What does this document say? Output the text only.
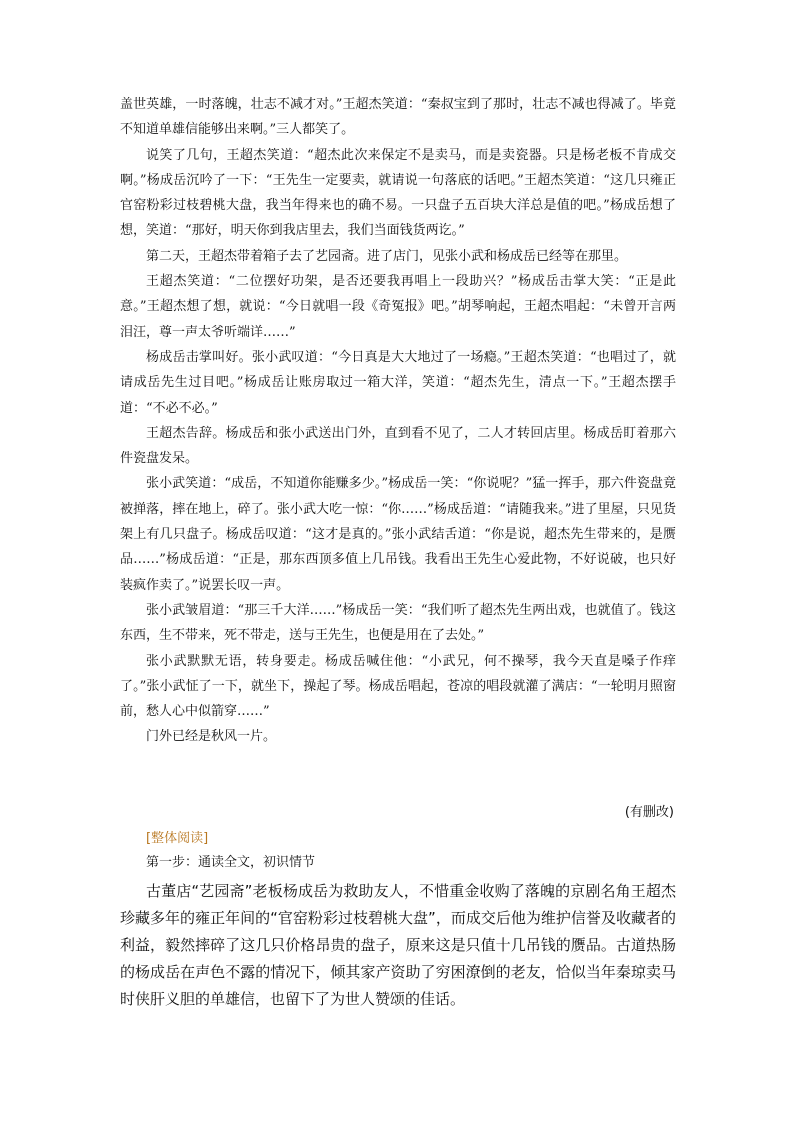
盖世英雄，一时落魄，壮志不减才对。”王超杰笑道：“秦叔宝到了那时，壮志不减也得减了。毕竟不知道单雄信能够出来啊。”三人都笑了。

说笑了几句，王超杰笑道：“超杰此次来保定不是卖马，而是卖瓷器。只是杨老板不肯成交啊。”杨成岳沉吟了一下：“王先生一定要卖，就请说一句落底的话吧。”王超杰笑道：“这几只雍正官窑粉彩过枝碧桃大盘，我当年得来也的确不易。一只盘子五百块大洋总是值的吧。”杨成岳想了想，笑道：“那好，明天你到我店里去，我们当面钱货两讫。”

第二天，王超杰带着箱子去了艺园斋。进了店门，见张小武和杨成岳已经等在那里。

王超杰笑道：“二位摆好功架，是否还要我再唱上一段助兴？”杨成岳击掌大笑：“正是此意。”王超杰想了想，就说：“今日就唱一段《奇冤报》吧。”胡琴响起，王超杰唱起：“未曾开言两泪汪，尊一声太爷听端详……”

杨成岳击掌叫好。张小武叹道：“今日真是大大地过了一场瘾。”王超杰笑道：“也唱过了，就请成岳先生过目吧。”杨成岳让账房取过一箱大洋，笑道：“超杰先生，清点一下。”王超杰摆手道：“不必不必。”

王超杰告辞。杨成岳和张小武送出门外，直到看不见了，二人才转回店里。杨成岳盯着那六件瓷盘发呆。

张小武笑道：“成岳，不知道你能赚多少。”杨成岳一笑：“你说呢？”猛一挥手，那六件瓷盘竟被掸落，摔在地上，碎了。张小武大吃一惊：“你……”杨成岳道：“请随我来。”进了里屋，只见货架上有几只盘子。杨成岳叹道：“这才是真的。”张小武结舌道：“你是说，超杰先生带来的，是赝品……”杨成岳道：“正是，那东西顶多值上几吊钱。我看出王先生心爱此物，不好说破，也只好装疯作卖了。”说罢长叹一声。

张小武皱眉道：“那三千大洋……”杨成岳一笑：“我们听了超杰先生两出戏，也就值了。钱这东西，生不带来，死不带走，送与王先生，也便是用在了去处。”

张小武默默无语，转身要走。杨成岳喊住他：“小武兄，何不操琴，我今天直是嗓子作痒了。”张小武怔了一下，就坐下，操起了琴。杨成岳唱起，苍凉的唱段就灌了满店：“一轮明月照窗前，愁人心中似箭穿……”

门外已经是秋风一片。

(有删改)
[整体阅读]

第一步：通读全文，初识情节

古董店“艺园斋”老板杨成岳为救助友人，不惜重金收购了落魄的京剧名角王超杰珍藏多年的雍正年间的“官窑粉彩过枝碧桃大盘”，而成交后他为维护信誉及收藏者的利益，毅然摔碎了这几只价格昂贵的盘子，原来这是只值十几吊钱的赝品。古道热肠的杨成岳在声色不露的情况下，倾其家产资助了穷困潦倒的老友，恰似当年秦琼卖马时侠肝义胆的单雄信，也留下了为世人赞颂的佳话。
